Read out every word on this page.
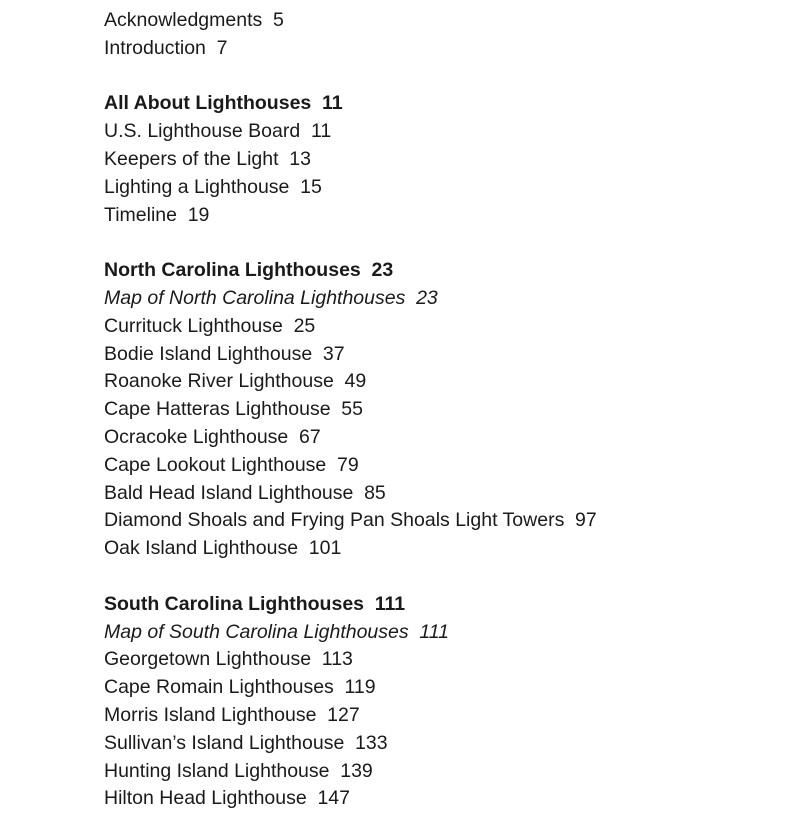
Acknowledgments 5
Introduction 7
All About Lighthouses 11
U.S. Lighthouse Board 11
Keepers of the Light 13
Lighting a Lighthouse 15
Timeline 19
North Carolina Lighthouses 23
Map of North Carolina Lighthouses 23
Currituck Lighthouse 25
Bodie Island Lighthouse 37
Roanoke River Lighthouse 49
Cape Hatteras Lighthouse 55
Ocracoke Lighthouse 67
Cape Lookout Lighthouse 79
Bald Head Island Lighthouse 85
Diamond Shoals and Frying Pan Shoals Light Towers 97
Oak Island Lighthouse 101
South Carolina Lighthouses 111
Map of South Carolina Lighthouses 111
Georgetown Lighthouse 113
Cape Romain Lighthouses 119
Morris Island Lighthouse 127
Sullivan’s Island Lighthouse 133
Hunting Island Lighthouse 139
Hilton Head Lighthouse 147
